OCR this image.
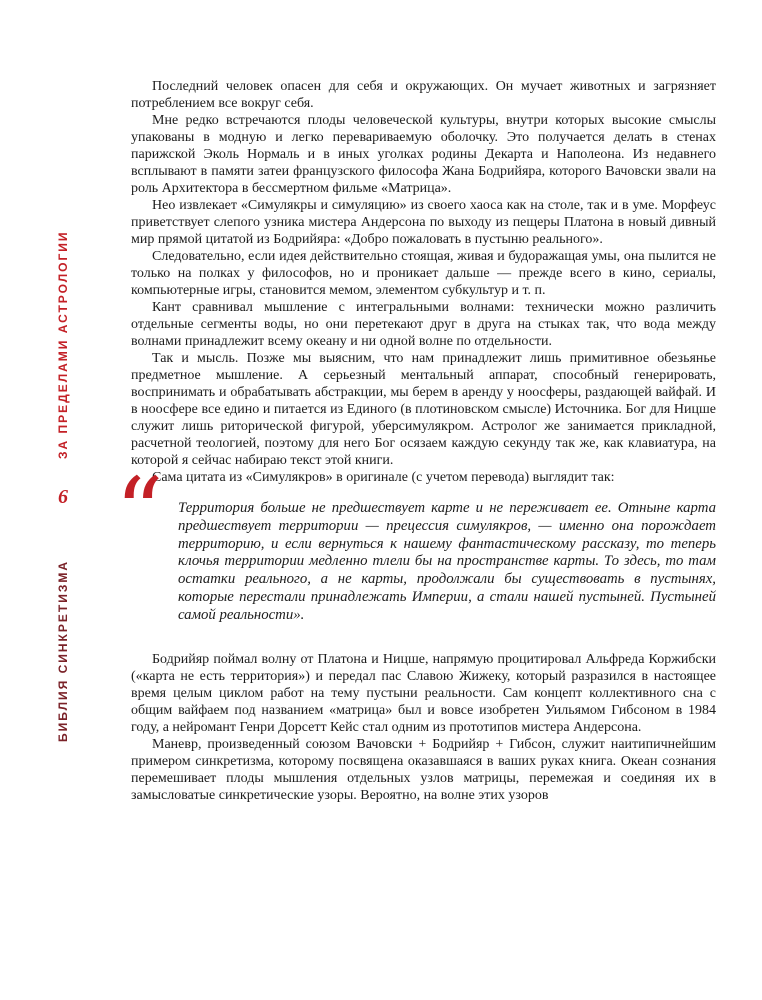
ЗА ПРЕДЕЛАМИ АСТРОЛОГИИ
6
БИБЛИЯ СИНКРЕТИЗМА

Последний человек опасен для себя и окружающих. Он мучает животных и загрязняет потреблением все вокруг себя.

Мне редко встречаются плоды человеческой культуры, внутри которых высокие смыслы упакованы в модную и легко перевариваемую оболочку. Это получается делать в стенах парижской Эколь Нормаль и в иных уголках родины Декарта и Наполеона. Из недавнего всплывают в памяти затеи французского философа Жана Бодрийяра, которого Вачовски звали на роль Архитектора в бессмертном фильме «Матрица».

Нео извлекает «Симулякры и симуляцию» из своего хаоса как на столе, так и в уме. Морфеус приветствует слепого узника мистера Андерсона по выходу из пещеры Платона в новый дивный мир прямой цитатой из Бодрийяра: «Добро пожаловать в пустыню реального».

Следовательно, если идея действительно стоящая, живая и будоражащая умы, она пылится не только на полках у философов, но и проникает дальше — прежде всего в кино, сериалы, компьютерные игры, становится мемом, элементом субкультур и т. п.

Кант сравнивал мышление с интегральными волнами: технически можно различить отдельные сегменты воды, но они перетекают друг в друга на стыках так, что вода между волнами принадлежит всему океану и ни одной волне по отдельности.

Так и мысль. Позже мы выясним, что нам принадлежит лишь примитивное обезьянье предметное мышление. А серьезный ментальный аппарат, способный генерировать, воспринимать и обрабатывать абстракции, мы берем в аренду у ноосферы, раздающей вайфай. И в ноосфере все едино и питается из Единого (в плотиновском смысле) Источника. Бог для Ницше служит лишь риторической фигурой, уберсимулякром. Астролог же занимается прикладной, расчетной теологией, поэтому для него Бог осязаем каждую секунду так же, как клавиатура, на которой я сейчас набираю текст этой книги.

Сама цитата из «Симулякров» в оригинале (с учетом перевода) выглядит так:

“ Территория больше не предшествует карте и не переживает ее. Отныне карта предшествует территории — прецессия симулякров, — именно она порождает территорию, и если вернуться к нашему фантастическому рассказу, то теперь клочья территории медленно тлели бы на пространстве карты. То здесь, то там остатки реального, а не карты, продолжали бы существовать в пустынях, которые перестали принадлежать Империи, а стали нашей пустыней. Пустыней самой реальности».

Бодрийяр поймал волну от Платона и Ницше, напрямую процитировал Альфреда Коржибски («карта не есть территория») и передал пас Славою Жижеку, который разразился в настоящее время целым циклом работ на тему пустыни реальности. Сам концепт коллективного сна с общим вайфаем под названием «матрица» был и вовсе изобретен Уильямом Гибсоном в 1984 году, а нейромант Генри Дорсетт Кейс стал одним из прототипов мистера Андерсона.

Маневр, произведенный союзом Вачовски + Бодрийяр + Гибсон, служит наитипичнейшим примером синкретизма, которому посвящена оказавшаяся в ваших руках книга. Океан сознания перемешивает плоды мышления отдельных узлов матрицы, перемежая и соединяя их в замысловатые синкретические узоры. Вероятно, на волне этих узоров
